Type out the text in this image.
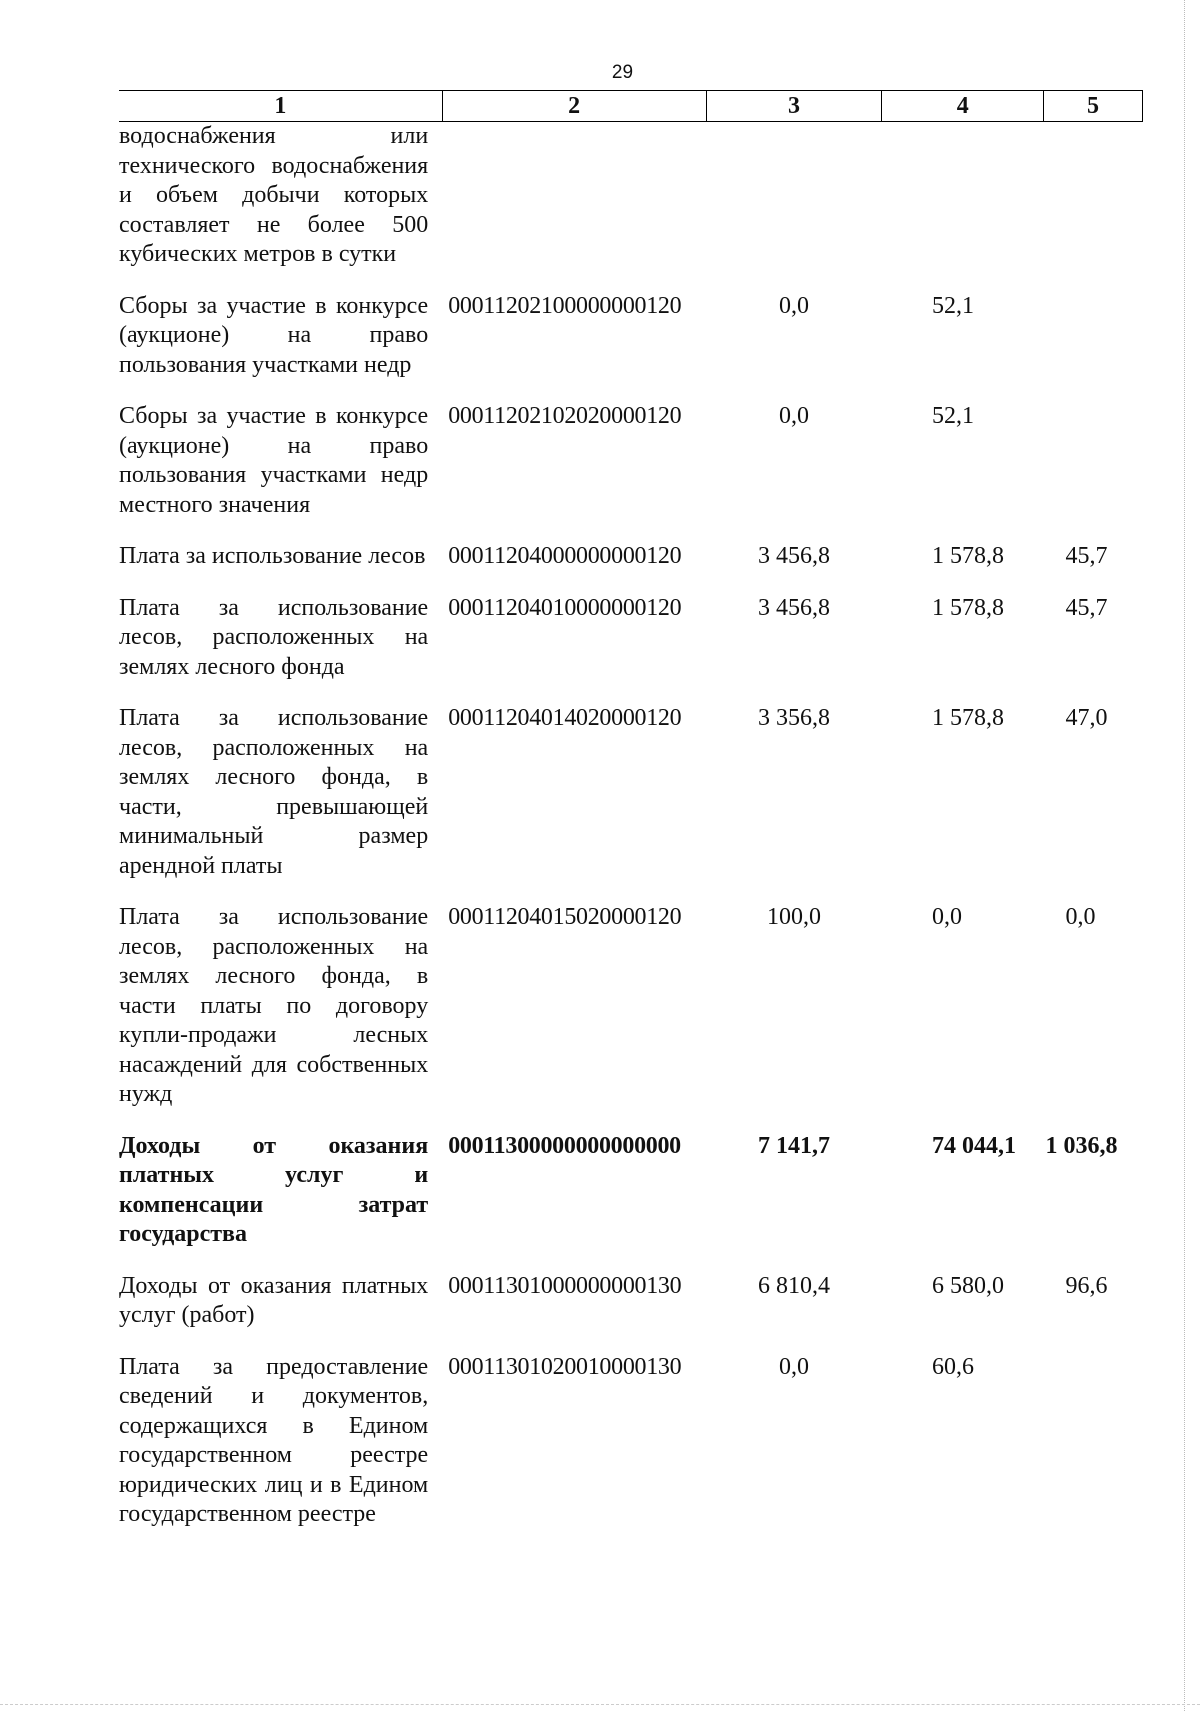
29
1	2	3	4	5
водоснабжения или технического водоснабжения и объем добычи которых составляет не более 500 кубических метров в сутки				
Сборы за участие в конкурсе (аукционе) на право пользования участками недр	00011202100000000120	0,0	52,1	
Сборы за участие в конкурсе (аукционе) на право пользования участками недр местного значения	00011202102020000120	0,0	52,1	
Плата за использование лесов	00011204000000000120	3 456,8	1 578,8	45,7
Плата за использование лесов, расположенных на землях лесного фонда	00011204010000000120	3 456,8	1 578,8	45,7
Плата за использование лесов, расположенных на землях лесного фонда, в части, превышающей минимальный размер арендной платы	00011204014020000120	3 356,8	1 578,8	47,0
Плата за использование лесов, расположенных на землях лесного фонда, в части платы по договору купли-продажи лесных насаждений для собственных нужд	00011204015020000120	100,0	0,0	0,0
Доходы от оказания платных услуг и компенсации затрат государства	00011300000000000000	7 141,7	74 044,1	1 036,8
Доходы от оказания платных услуг (работ)	00011301000000000130	6 810,4	6 580,0	96,6
Плата за предоставление сведений и документов, содержащихся в Едином государственном реестре юридических лиц и в Едином государственном реестре	00011301020010000130	0,0	60,6	
